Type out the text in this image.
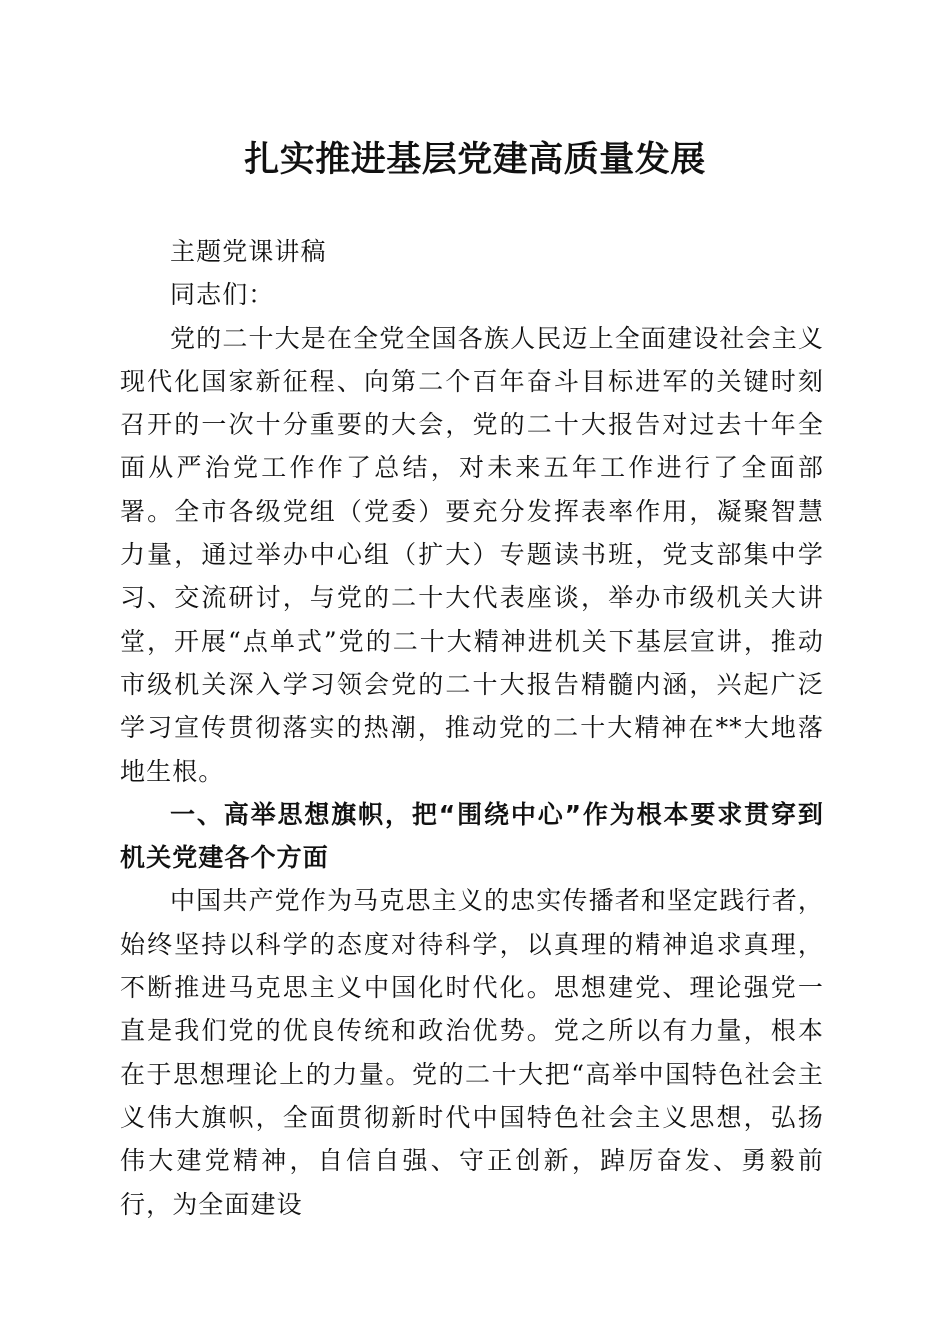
扎实推进基层党建高质量发展

主题党课讲稿

同志们：

党的二十大是在全党全国各族人民迈上全面建设社会主义现代化国家新征程、向第二个百年奋斗目标进军的关键时刻召开的一次十分重要的大会，党的二十大报告对过去十年全面从严治党工作作了总结，对未来五年工作进行了全面部署。全市各级党组（党委）要充分发挥表率作用，凝聚智慧力量，通过举办中心组（扩大）专题读书班，党支部集中学习、交流研讨，与党的二十大代表座谈，举办市级机关大讲堂，开展“点单式”党的二十大精神进机关下基层宣讲，推动市级机关深入学习领会党的二十大报告精髓内涵，兴起广泛学习宣传贯彻落实的热潮，推动党的二十大精神在**大地落地生根。

一、高举思想旗帜，把“围绕中心”作为根本要求贯穿到机关党建各个方面

中国共产党作为马克思主义的忠实传播者和坚定践行者，始终坚持以科学的态度对待科学，以真理的精神追求真理，不断推进马克思主义中国化时代化。思想建党、理论强党一直是我们党的优良传统和政治优势。党之所以有力量，根本在于思想理论上的力量。党的二十大把“高举中国特色社会主义伟大旗帜，全面贯彻新时代中国特色社会主义思想，弘扬伟大建党精神，自信自强、守正创新，踔厉奋发、勇毅前行，为全面建设
